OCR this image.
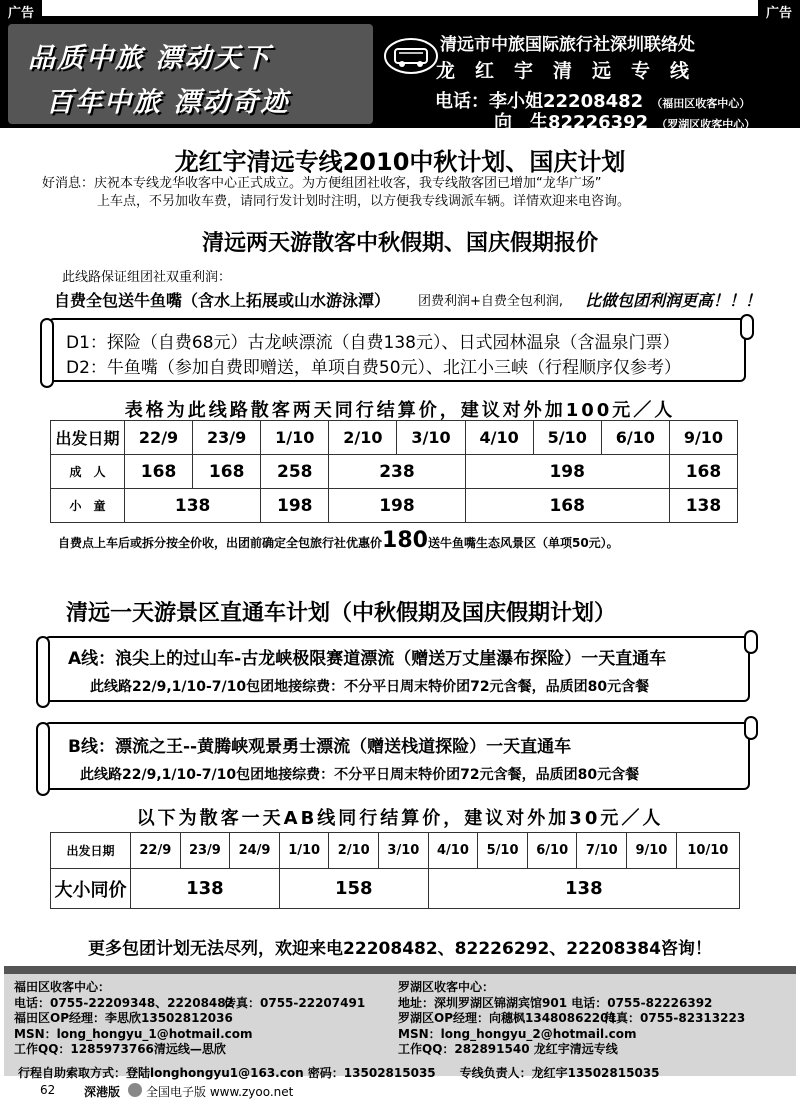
广告	广告
品质中旅 漂动天下
百年中旅 漂动奇迹
清远市中旅国际旅行社深圳联络处
龙红宇清远专线
电话：李小姐22208482 （福田区收客中心）
向　生82226392 （罗湖区收客中心）
龙红宇清远专线2010中秋计划、国庆计划
好消息：庆祝本专线龙华收客中心正式成立。为方便组团社收客，我专线散客团已增加“龙华广场”
上车点，不另加收车费，请同行发计划时注明，以方便我专线调派车辆。详情欢迎来电咨询。
清远两天游散客中秋假期、国庆假期报价
此线路保证组团社双重利润：
自费全包送牛鱼嘴（含水上拓展或山水游泳潭） 团费利润+自费全包利润, 比做包团利润更高！！！
D1：探险（自费68元）古龙峡漂流（自费138元）、日式园林温泉（含温泉门票）
D2：牛鱼嘴（参加自费即赠送，单项自费50元）、北江小三峡（行程顺序仅参考）
表格为此线路散客两天同行结算价，建议对外加100元／人
出发日期	22/9	23/9	1/10	2/10	3/10	4/10	5/10	6/10	9/10
成　人	168	168	258	238		198			168
小　童	138		198	198		168			138
自费点上车后或拆分按全价收，出团前确定全包旅行社优惠价180送牛鱼嘴生态风景区（单项50元）。
清远一天游景区直通车计划（中秋假期及国庆假期计划）
A线：浪尖上的过山车-古龙峡极限赛道漂流（赠送万丈崖瀑布探险）一天直通车
此线路22/9,1/10-7/10包团地接综费：不分平日周末特价团72元含餐，品质团80元含餐
B线：漂流之王--黄腾峡观景勇士漂流（赠送栈道探险）一天直通车
此线路22/9,1/10-7/10包团地接综费：不分平日周末特价团72元含餐，品质团80元含餐
以下为散客一天AB线同行结算价，建议对外加30元／人
出发日期	22/9	23/9	24/9	1/10	2/10	3/10	4/10	5/10	6/10	7/10	9/10	10/10
大小同价	138			158			138					
更多包团计划无法尽列，欢迎来电22208482、82226292、22208384咨询！
福田区收客中心：
电话：0755-22209348、22208482传真：0755-22207491
福田区OP经理：李思欣13502812036
MSN：long_hongyu_1@hotmail.com
工作QQ：1285973766清远线—思欣
罗湖区收客中心：
地址：深圳罗湖区锦湖宾馆901 电话：0755-82226392
罗湖区OP经理：向穗枫13480862201传真：0755-82313223
MSN：long_hongyu_2@hotmail.com
工作QQ：282891540 龙红宇清远专线
行程自助索取方式：登陆longhongyu1@163.con 密码：13502815035　　专线负责人：龙红宇13502815035
62 深港版 全国电子版 www.zyoo.net
